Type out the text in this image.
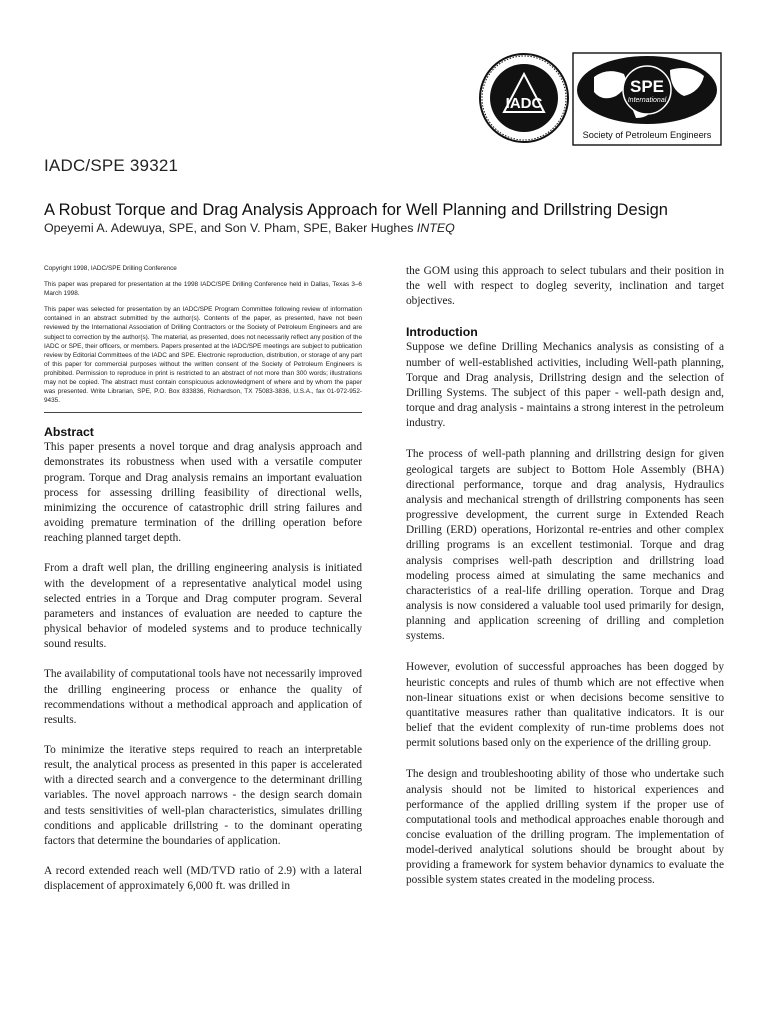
IADC
SPE
International
Society of Petroleum Engineers
IADC/SPE 39321
A Robust Torque and Drag Analysis Approach for Well Planning and Drillstring Design
Opeyemi A. Adewuya, SPE, and Son V. Pham, SPE, Baker Hughes INTEQ

Copyright 1998, IADC/SPE Drilling Conference

This paper was prepared for presentation at the 1998 IADC/SPE Drilling Conference held in Dallas, Texas 3–6 March 1998.

This paper was selected for presentation by an IADC/SPE Program Committee following review of information contained in an abstract submitted by the author(s). Contents of the paper, as presented, have not been reviewed by the International Association of Drilling Contractors or the Society of Petroleum Engineers and are subject to correction by the author(s). The material, as presented, does not necessarily reflect any position of the IADC or SPE, their officers, or members. Papers presented at the IADC/SPE meetings are subject to publication review by Editorial Committees of the IADC and SPE. Electronic reproduction, distribution, or storage of any part of this paper for commercial purposes without the written consent of the Society of Petroleum Engineers is prohibited. Permission to reproduce in print is restricted to an abstract of not more than 300 words; illustrations may not be copied. The abstract must contain conspicuous acknowledgment of where and by whom the paper was presented. Write Librarian, SPE, P.O. Box 833836, Richardson, TX 75083-3836, U.S.A., fax 01-972-952-9435.

Abstract

This paper presents a novel torque and drag analysis approach and demonstrates its robustness when used with a versatile computer program. Torque and Drag analysis remains an important evaluation process for assessing drilling feasibility of directional wells, minimizing the occurence of catastrophic drill string failures and avoiding premature termination of the drilling operation before reaching planned target depth.

From a draft well plan, the drilling engineering analysis is initiated with the development of a representative analytical model using selected entries in a Torque and Drag computer program. Several parameters and instances of evaluation are needed to capture the physical behavior of modeled systems and to produce technically sound results.

The availability of computational tools have not necessarily improved the drilling engineering process or enhance the quality of recommendations without a methodical approach and application of results.

To minimize the iterative steps required to reach an interpretable result, the analytical process as presented in this paper is accelerated with a directed search and a convergence to the determinant drilling variables. The novel approach narrows - the design search domain and tests sensitivities of well-plan characteristics, simulates drilling conditions and applicable drillstring - to the dominant operating factors that determine the boundaries of application.

A record extended reach well (MD/TVD ratio of 2.9) with a lateral displacement of approximately 6,000 ft. was drilled in

the GOM using this approach to select tubulars and their position in the well with respect to dogleg severity, inclination and target objectives.

Introduction

Suppose we define Drilling Mechanics analysis as consisting of a number of well-established activities, including Well-path planning, Torque and Drag analysis, Drillstring design and the selection of Drilling Systems. The subject of this paper - well-path design and, torque and drag analysis - maintains a strong interest in the petroleum industry.

The process of well-path planning and drillstring design for given geological targets are subject to Bottom Hole Assembly (BHA) directional performance, torque and drag analysis, Hydraulics analysis and mechanical strength of drillstring components has seen progressive development, the current surge in Extended Reach Drilling (ERD) operations, Horizontal re-entries and other complex drilling programs is an excellent testimonial. Torque and drag analysis comprises well-path description and drillstring load modeling process aimed at simulating the same mechanics and characteristics of a real-life drilling operation. Torque and Drag analysis is now considered a valuable tool used primarily for design, planning and application screening of drilling and completion systems.

However, evolution of successful approaches has been dogged by heuristic concepts and rules of thumb which are not effective when non-linear situations exist or when decisions become sensitive to quantitative measures rather than qualitative indicators. It is our belief that the evident complexity of run-time problems does not permit solutions based only on the experience of the drilling group.

The design and troubleshooting ability of those who undertake such analysis should not be limited to historical experiences and performance of the applied drilling system if the proper use of computational tools and methodical approaches enable thorough and concise evaluation of the drilling program. The implementation of model-derived analytical solutions should be brought about by providing a framework for system behavior dynamics to evaluate the possible system states created in the modeling process.
